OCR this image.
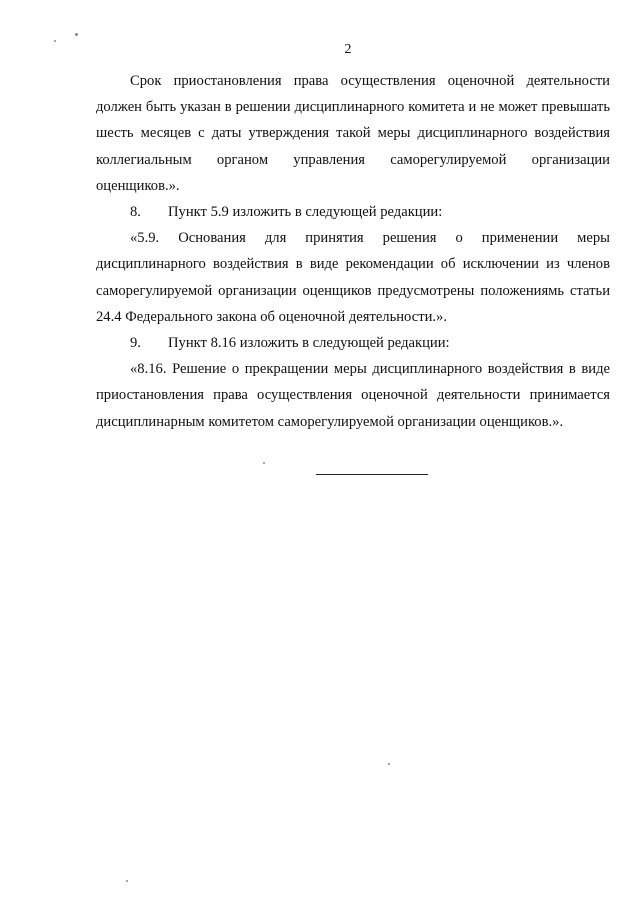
2

Срок приостановления права осуществления оценочной деятельности должен быть указан в решении дисциплинарного комитета и не может превышать шесть месяцев с даты утверждения такой меры дисциплинарного воздействия коллегиальным органом управления саморегулируемой организации оценщиков.».

8. Пункт 5.9 изложить в следующей редакции:

«5.9. Основания для принятия решения о применении меры дисциплинарного воздействия в виде рекомендации об исключении из членов саморегулируемой организации оценщиков предусмотрены положениямь статьи 24.4 Федерального закона об оценочной деятельности.».

9. Пункт 8.16 изложить в следующей редакции:

«8.16. Решение о прекращении меры дисциплинарного воздействия в виде приостановления права осуществления оценочной деятельности принимается дисциплинарным комитетом саморегулируемой организации оценщиков.».
